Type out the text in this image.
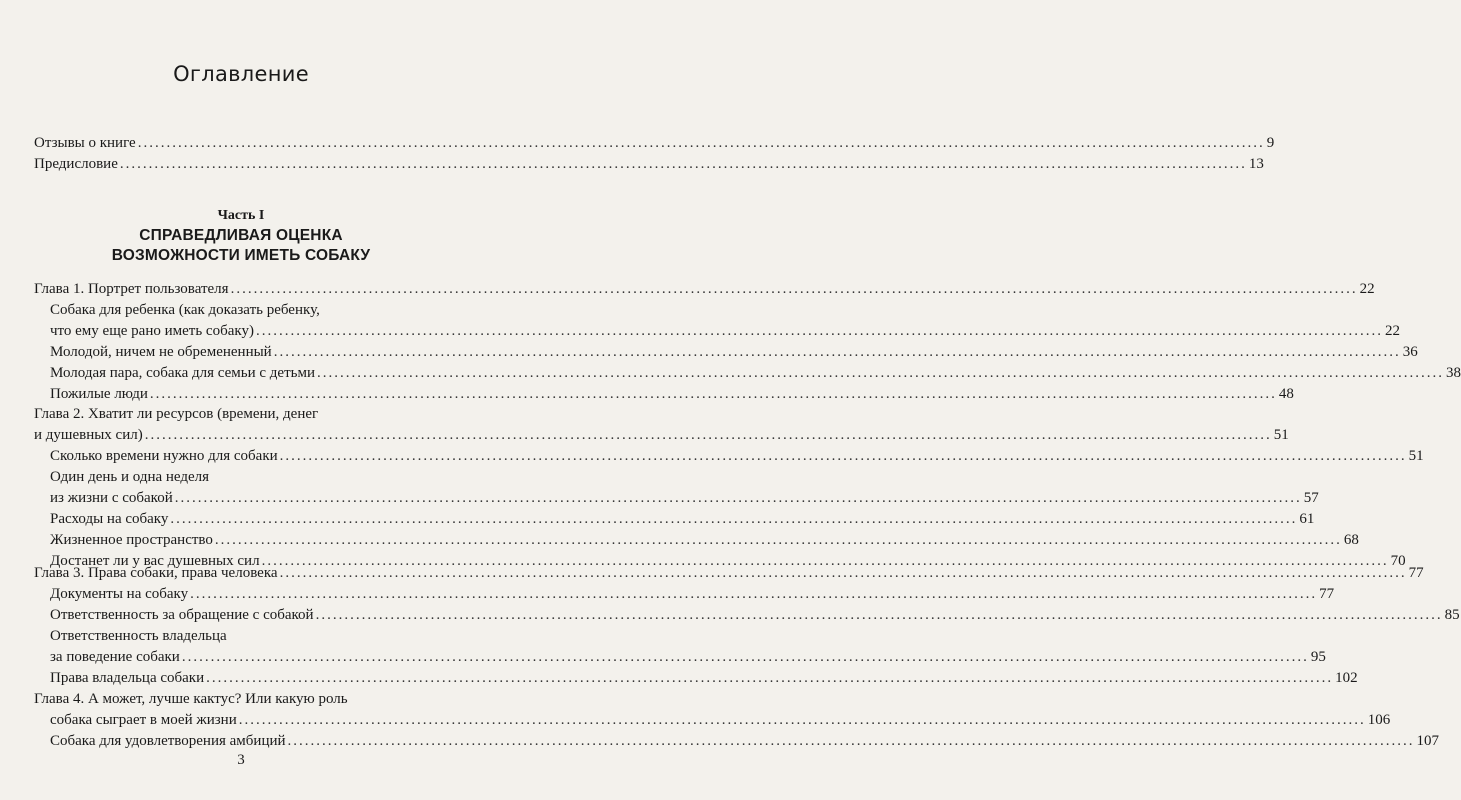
Оглавление
Отзывы о книге .....	9
Предисловие .....	13
Часть I
СПРАВЕДЛИВАЯ ОЦЕНКА
ВОЗМОЖНОСТИ ИМЕТЬ СОБАКУ
Глава 1. Портрет пользователя .....	22
Собака для ребенка (как доказать ребенку,
что ему еще рано иметь собаку) .....	22
Молодой, ничем не обремененный .....	36
Молодая пара, собака для семьи с детьми .....	38
Пожилые люди .....	48
Глава 2. Хватит ли ресурсов (времени, денег
и душевных сил) .....	51
Сколько времени нужно для собаки .....	51
Один день и одна неделя
из жизни с собакой .....	57
Расходы на собаку .....	61
Жизненное пространство .....	68
Достанет ли у вас душевных сил .....	70
Глава 3. Права собаки, права человека .....	77
Документы на собаку .....	77
Ответственность за обращение с собакой .....	85
Ответственность владельца
за поведение собаки .....	95
Права владельца собаки .....	102
Глава 4. А может, лучше кактус? Или какую роль
собака сыграет в моей жизни .....	106
Собака для удовлетворения амбиций .....	107
3
